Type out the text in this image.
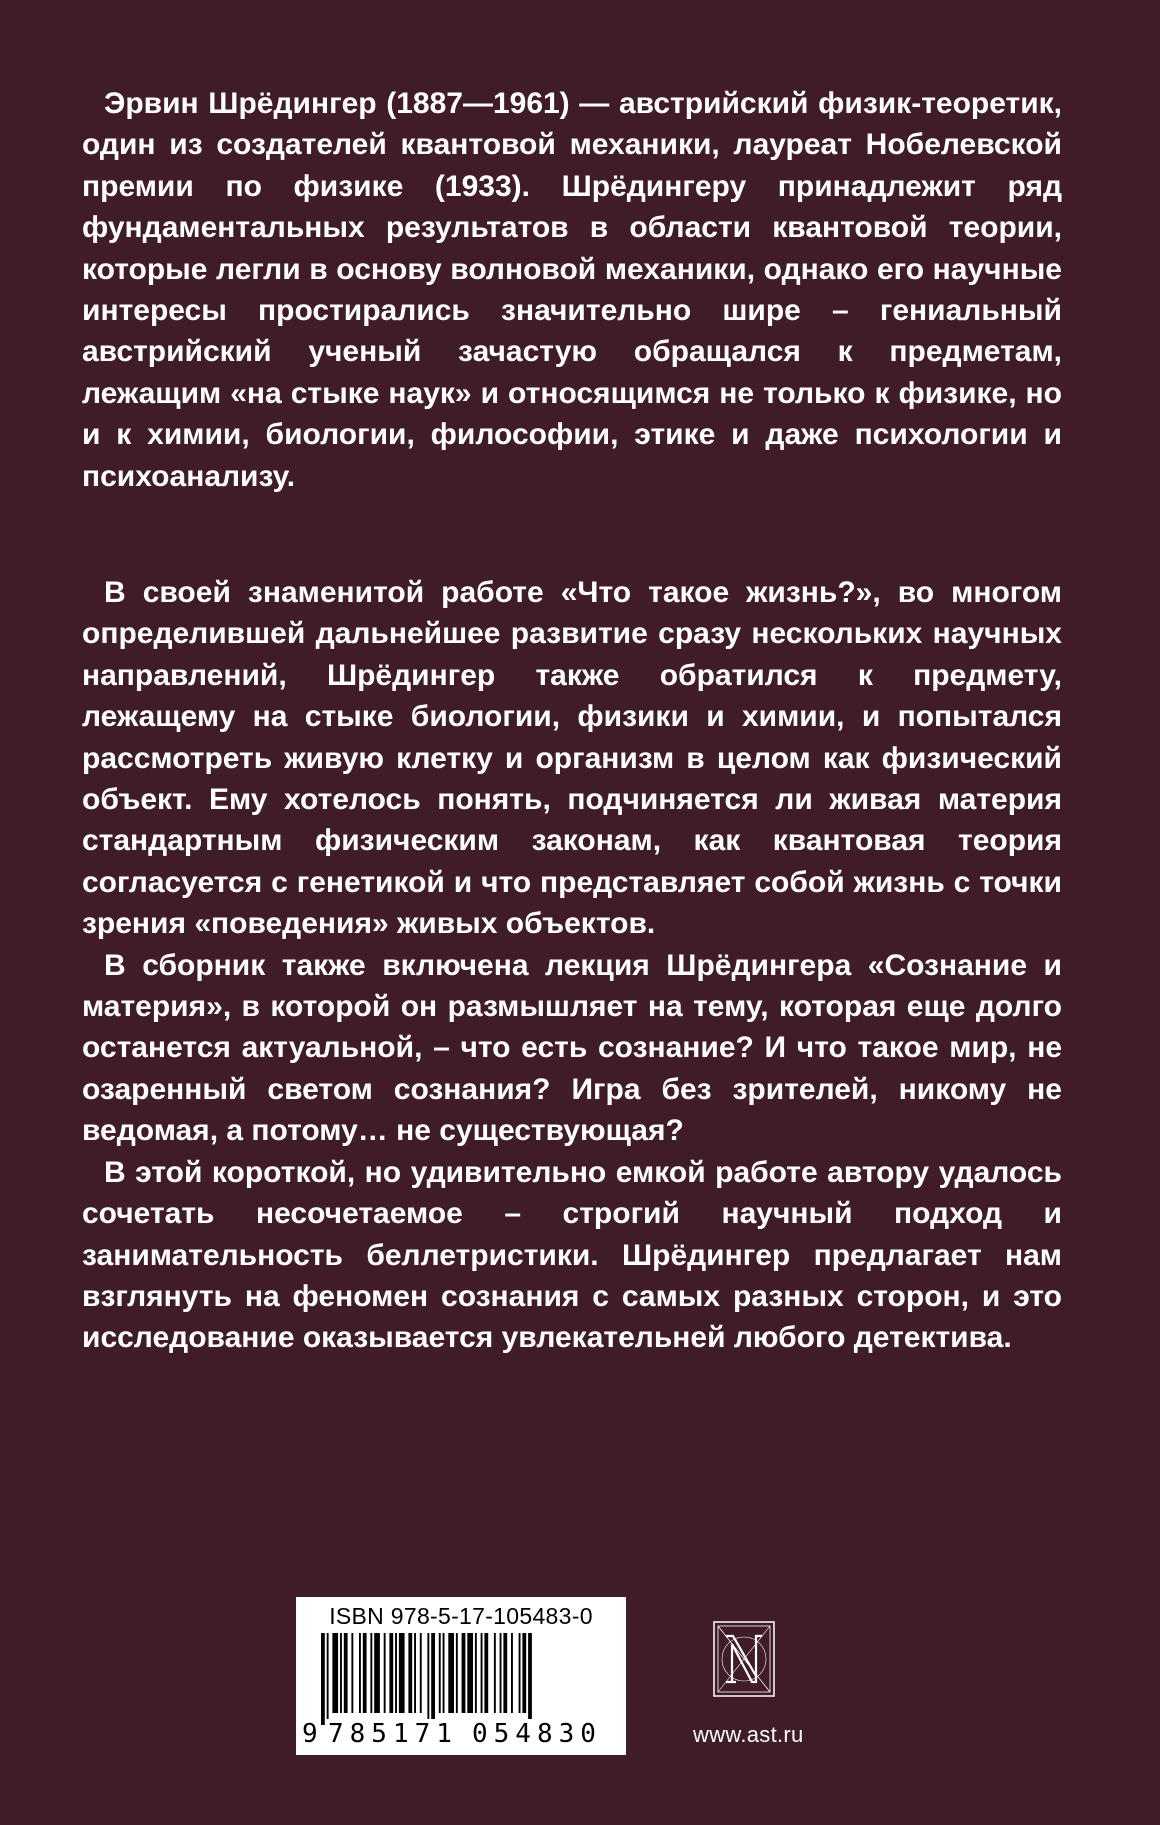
Эрвин Шрёдингер (1887—1961) — австрийский физик-теоретик, один из создателей квантовой механики, лауреат Нобелевской премии по физике (1933). Шрёдингеру принадлежит ряд фундаментальных результатов в области квантовой теории, которые легли в основу волновой механики, однако его научные интересы простирались значительно шире – гениальный австрийский ученый зачастую обращался к предметам, лежащим «на стыке наук» и относящимся не только к физике, но и к химии, биологии, философии, этике и даже психологии и психоанализу.

В своей знаменитой работе «Что такое жизнь?», во многом определившей дальнейшее развитие сразу нескольких научных направлений, Шрёдингер также обратился к предмету, лежащему на стыке биологии, физики и химии, и попытался рассмотреть живую клетку и организм в целом как физический объект. Ему хотелось понять, подчиняется ли живая материя стандартным физическим законам, как квантовая теория согласуется с генетикой и что представляет собой жизнь с точки зрения «поведения» живых объектов.

В сборник также включена лекция Шрёдингера «Сознание и материя», в которой он размышляет на тему, которая еще долго останется актуальной, – что есть сознание? И что такое мир, не озаренный светом сознания? Игра без зрителей, никому не ведомая, а потому… не существующая?

В этой короткой, но удивительно емкой работе автору удалось сочетать несочетаемое – строгий научный подход и занимательность беллетристики. Шрёдингер предлагает нам взглянуть на феномен сознания с самых разных сторон, и это исследование оказывается увлекательней любого детектива.

ISBN 978-5-17-105483-0
9 785171 054830	www.ast.ru
